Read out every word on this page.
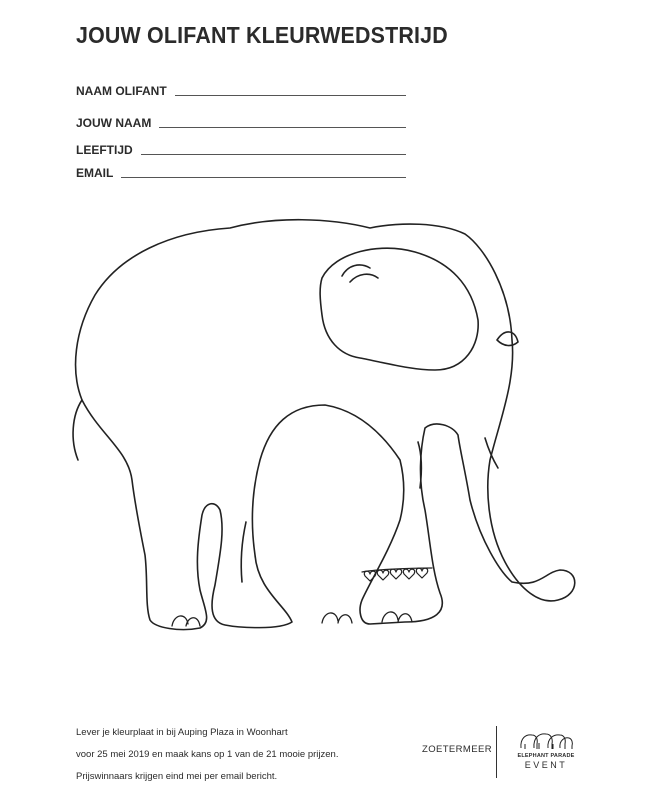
JOUW OLIFANT KLEURWEDSTRIJD
NAAM OLIFANT
JOUW NAAM
LEEFTIJD
EMAIL
Lever je kleurplaat in bij Auping Plaza in Woonhart
voor 25 mei 2019 en maak kans op 1 van de 21 mooie prijzen.
Prijswinnaars krijgen eind mei per email bericht.
ZOETERMEER
ELEPHANT PARADE
EVENT
